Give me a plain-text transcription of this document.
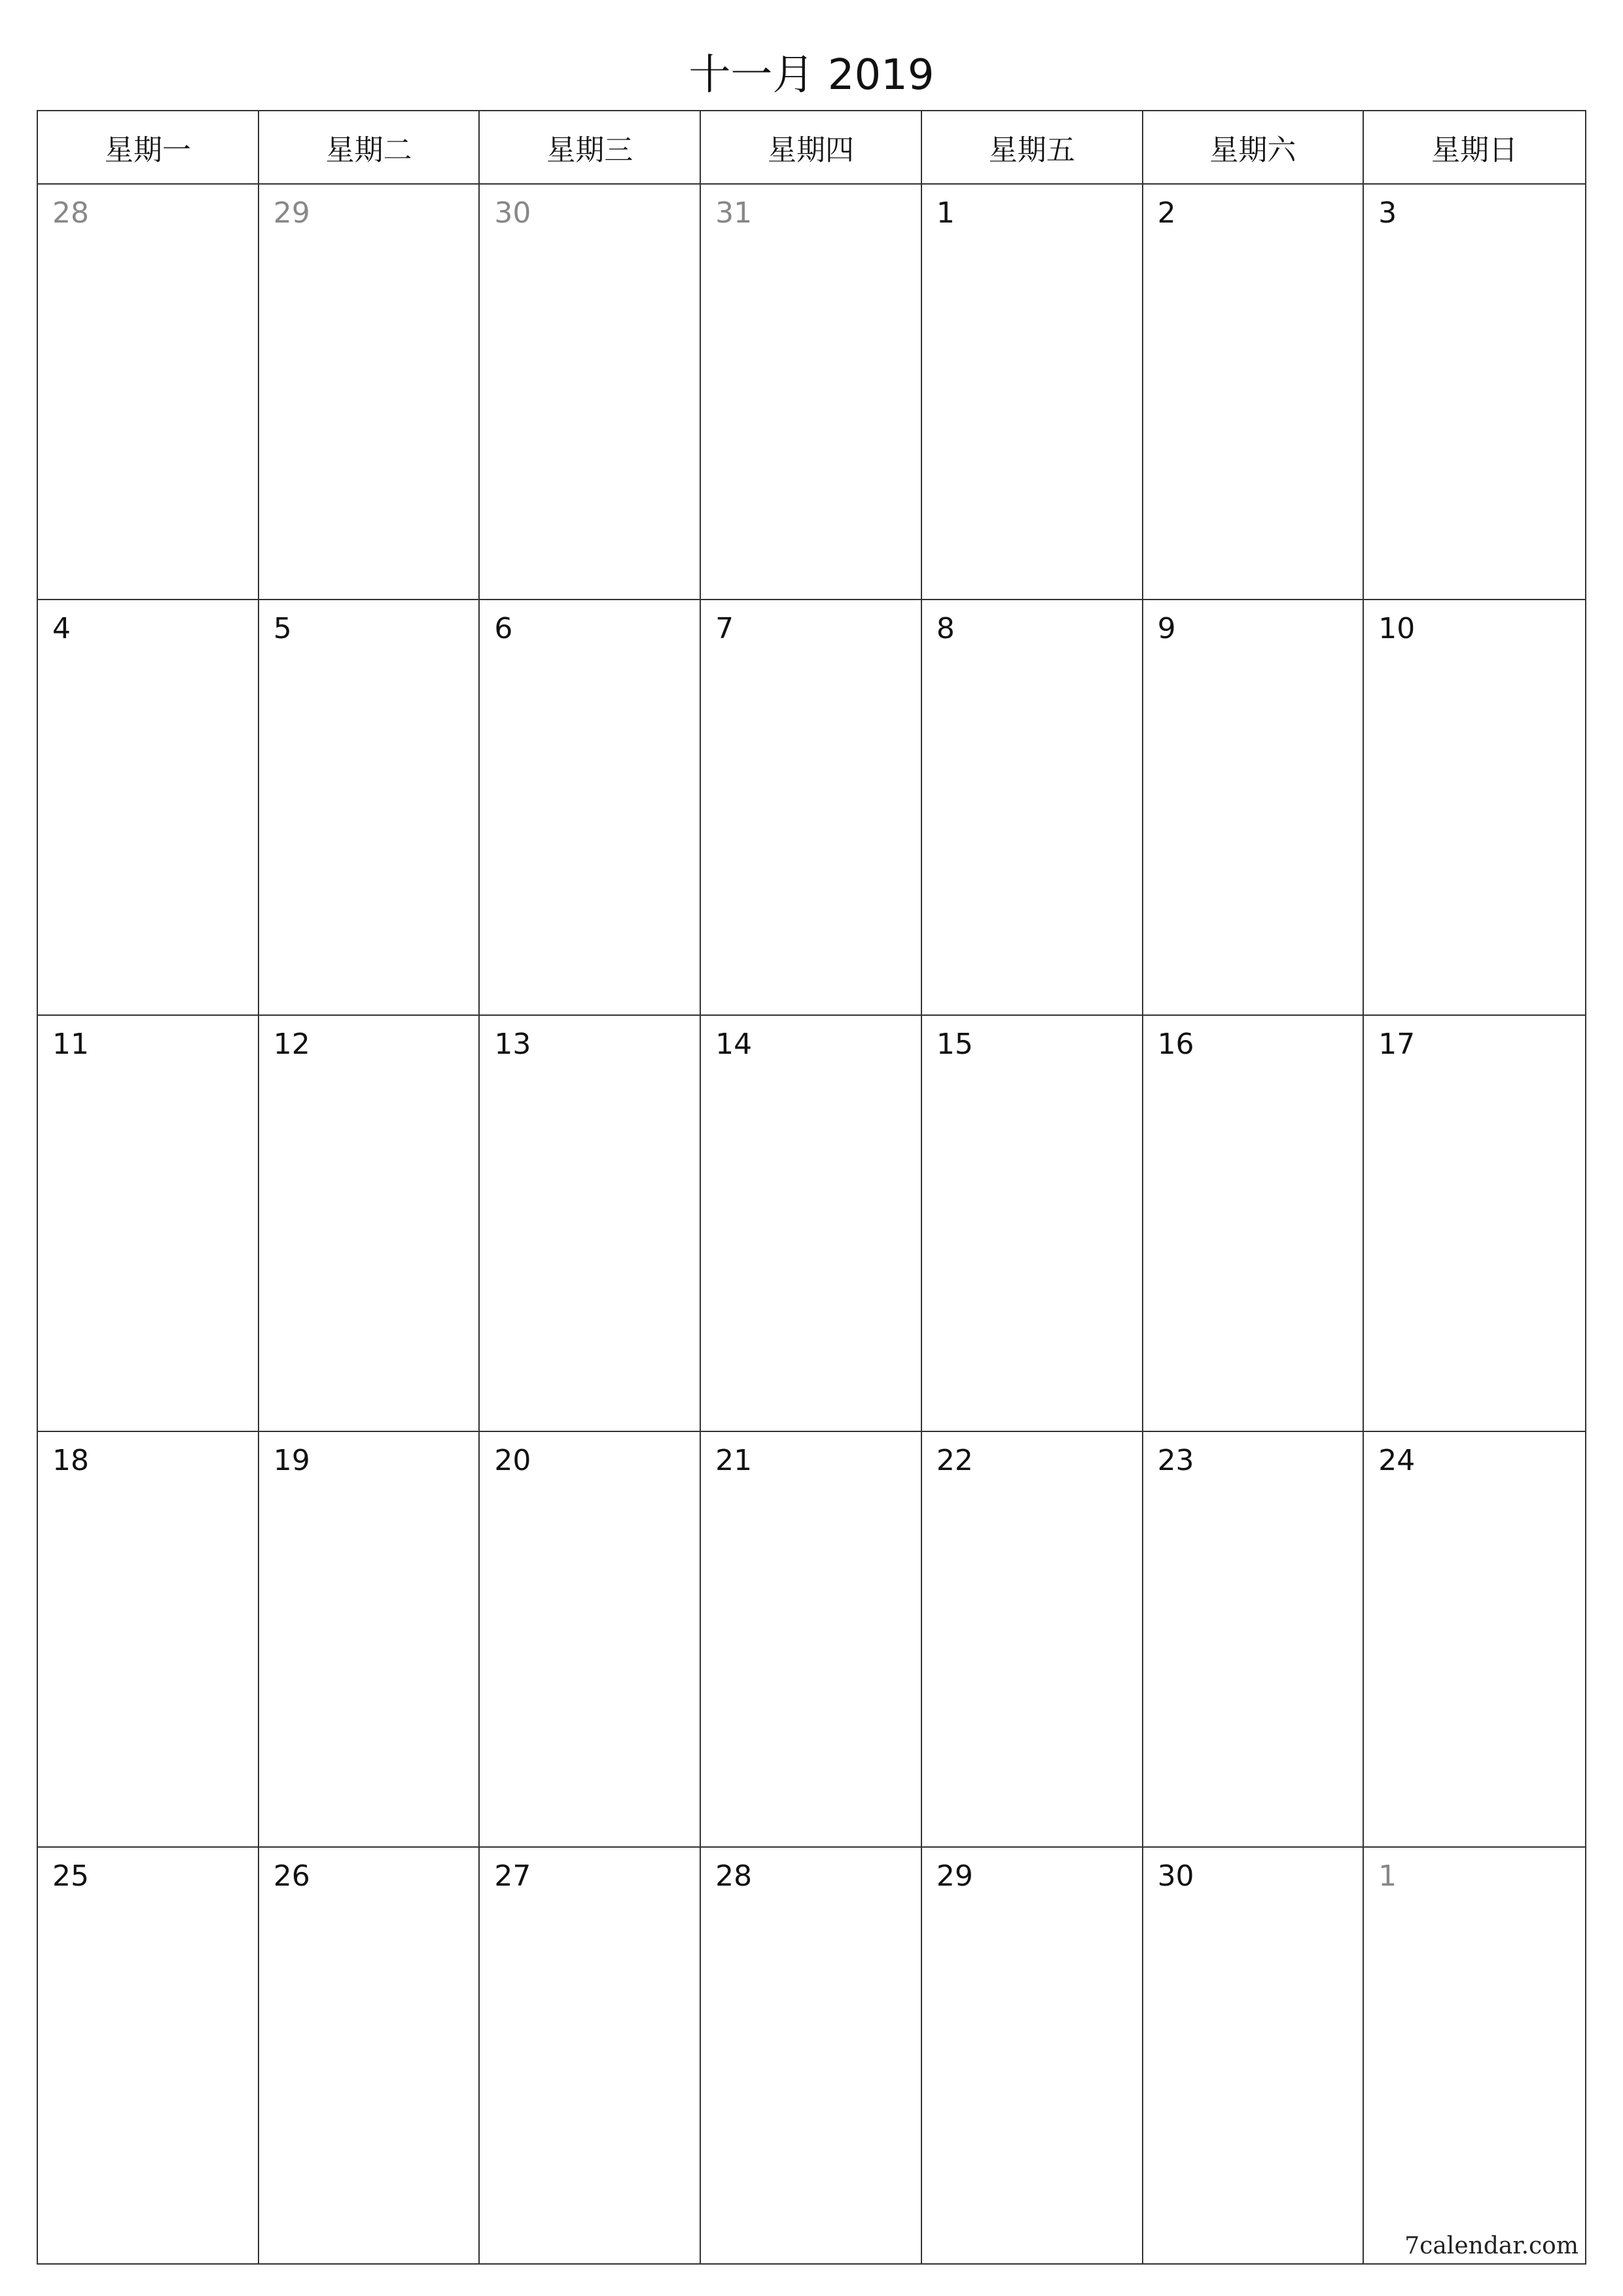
十一月 2019
星期一	星期二	星期三	星期四	星期五	星期六	星期日
28	29	30	31	1	2	3
4	5	6	7	8	9	10
11	12	13	14	15	16	17
18	19	20	21	22	23	24
25	26	27	28	29	30	1
7calendar.com
